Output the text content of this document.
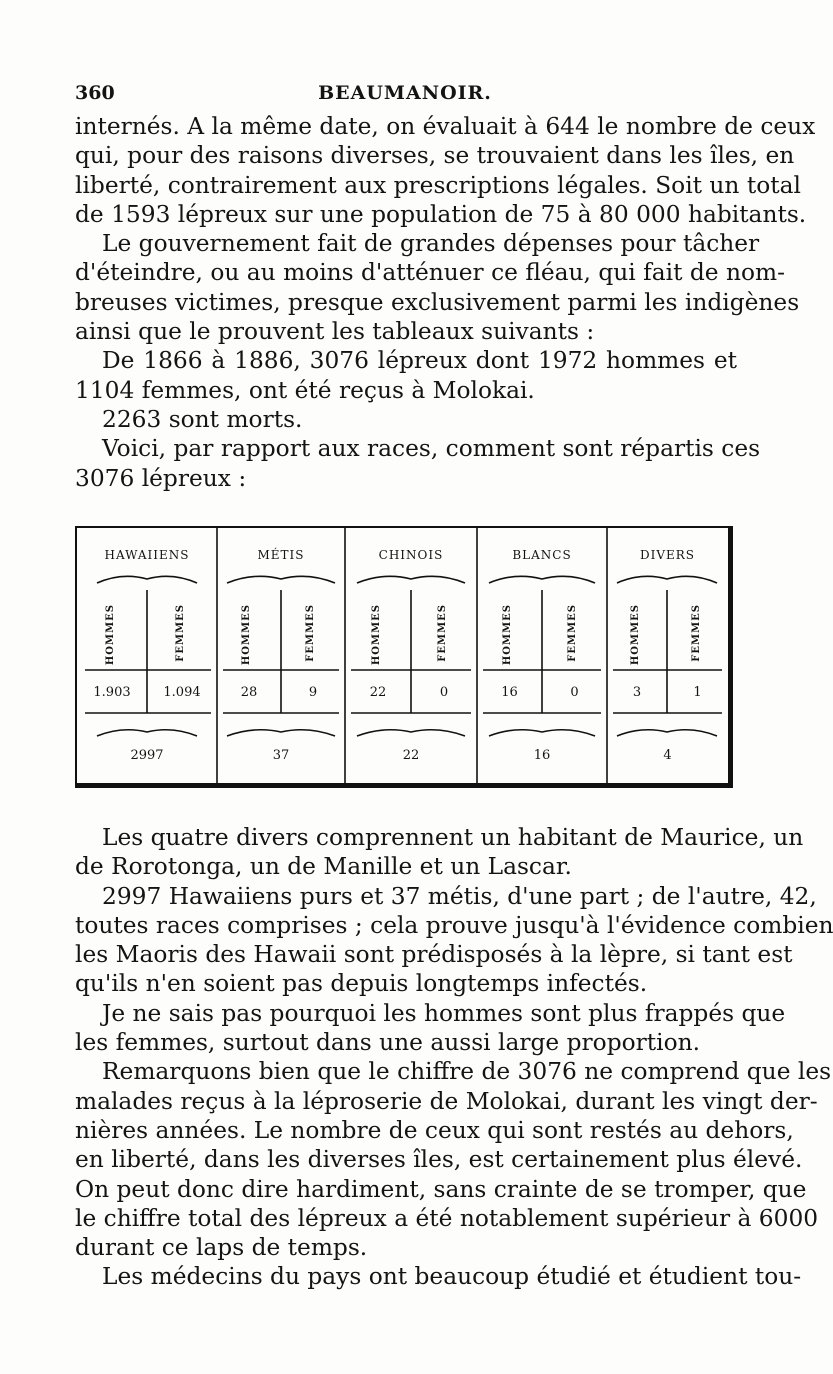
360	BEAUMANOIR.
internés. A la même date, on évaluait à 644 le nombre de ceux
qui, pour des raisons diverses, se trouvaient dans les îles, en
liberté, contrairement aux prescriptions légales. Soit un total
de 1593 lépreux sur une population de 75 à 80 000 habitants.
Le gouvernement fait de grandes dépenses pour tâcher
d'éteindre, ou au moins d'atténuer ce fléau, qui fait de nom-
breuses victimes, presque exclusivement parmi les indigènes
ainsi que le prouvent les tableaux suivants :
De 1866 à 1886, 3076 lépreux dont 1972 hommes et
1104 femmes, ont été reçus à Molokai.
2263 sont morts.
Voici, par rapport aux races, comment sont répartis ces
3076 lépreux :
HAWAIIENS	MÉTIS	CHINOIS	BLANCS	DIVERS
HOMMES	FEMMES	HOMMES	FEMMES	HOMMES	FEMMES	HOMMES	FEMMES	HOMMES	FEMMES
1.903	1.094	28	9	22	0	16	0	3	1
2997	37	22	16	4
Les quatre divers comprennent un habitant de Maurice, un
de Rorotonga, un de Manille et un Lascar.
2997 Hawaiiens purs et 37 métis, d'une part ; de l'autre, 42,
toutes races comprises ; cela prouve jusqu'à l'évidence combien
les Maoris des Hawaii sont prédisposés à la lèpre, si tant est
qu'ils n'en soient pas depuis longtemps infectés.
Je ne sais pas pourquoi les hommes sont plus frappés que
les femmes, surtout dans une aussi large proportion.
Remarquons bien que le chiffre de 3076 ne comprend que les
malades reçus à la léproserie de Molokai, durant les vingt der-
nières années. Le nombre de ceux qui sont restés au dehors,
en liberté, dans les diverses îles, est certainement plus élevé.
On peut donc dire hardiment, sans crainte de se tromper, que
le chiffre total des lépreux a été notablement supérieur à 6000
durant ce laps de temps.
Les médecins du pays ont beaucoup étudié et étudient tou-
